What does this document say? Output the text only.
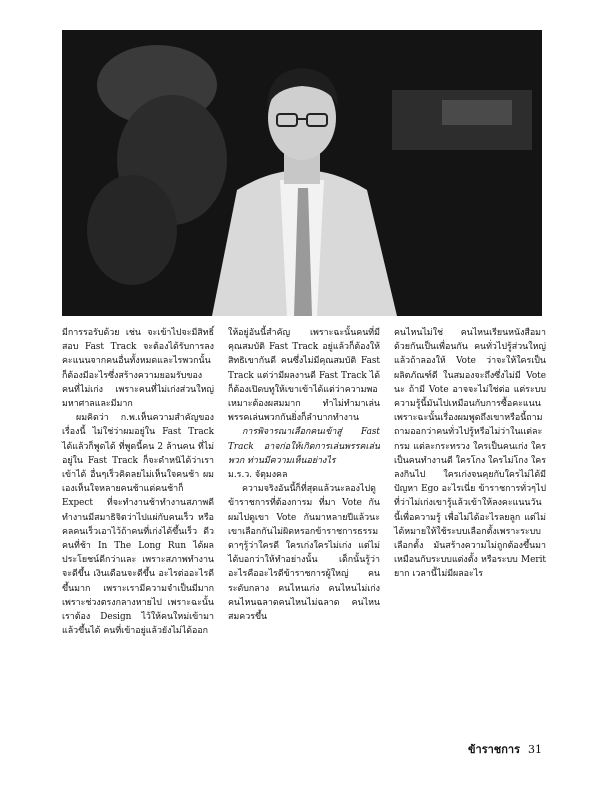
มีการรอรับด้วย เช่น จะเข้าไปจะมีสิทธิ์สอบ Fast Track จะต้องได้รับการลงคะแนนจากคนอื่นทั้งหมดและไรพวกนั้น ก็ต้องมีอะไรซึ่งสร้างความยอมรับของคนที่ไม่เก่ง เพราะคนที่ไม่เก่งส่วนใหญ่มหาศาลและมีมาก

ผมคิดว่า ก.พ.เห็นความสำคัญของเรื่องนี้ ไม่ใช่ว่าผมอยู่ใน Fast Track ได้แล้วก็พูดได้ ที่พูดนี้คน 2 ล้านคน ที่ไม่อยู่ใน Fast Track ก็จะดำหนิได้ว่าเราเข้าได้ อื่นๆเร็วคิดลยไม่เห็นใจคนช้า ผมเองเห็นใจหลายคนช้าแต่คนช้าก็ Expect ที่จะทำงานช้าทำงานสภาพดี ทำงานมีสมาธิจิตว่าไปแผ่กับคนเร็ว หรือคลคนเร็วเอาไว้ถ้าคนที่เก่งได้ขึ้นเร็ว ดีวคนที่ช้า In The Long Run ได้ผลประโยชน์ดีกว่าและ เพราะสภาพทำงานจะดีขึ้น เงินเดือนจะดีขึ้น อะไรต่ออะไรดีขึ้นมาก เพราะเรามีความจำเป็นมีมากเพราะช่วงตรงกลางหายไป เพราะฉะนั้นเราต้อง Design ไว้ให้คนใหม่เข้ามาแล้วขึ้นได้ คนที่เข้าอยู่แล้วยังไม่ได้ออก

ให้อยู่อันนี้สำคัญ เพราะฉะนั้นคนที่มีคุณสมบัติ Fast Track อยู่แล้วก็ต้องให้สิทธิเขากันดี คนซึ่งไม่มีคุณสมบัติ Fast Track แต่ว่ามีผลงานดี Fast Track ได้ ก็ต้องเปิดบทูให้เขาเข้าได้แต่ว่าความพอเหมาะต้องผสมมาก ทำไม่ทำมาเล่นพรรคเล่นพวกกันยิ่งก็ลำบากทำงาน

การพิจารณาเลือกคนเข้าสู่ Fast Track อาจก่อให้เกิดการเล่นพรรคเล่นพวก ท่านมีความเห็นอย่างไร

ม.ร.ว. จัตุมงคล

ความจริงอันนี้ก็ที่สุดแล้วนะลองไปดูข้าราชการที่ต้องการม ที่มา Vote กัน ผมไปดูเขา Vote กันมาหลายปีแล้วนะเขาเลือกกันไม่ผิดหรอกข้าราชการธรรมดาๆรู้ว่าใครดี ใครเก่งใครไม่เก่ง แต่ไม่ได้บอกว่าให้ทำอย่างนั้น เด็กนั้นรู้ว่าอะไรคืออะไรดีข้าราชการผู้ใหญ่ คนระดับกลาง คนไหนเก่ง คนไหนไม่เก่ง คนไหนฉลาดคนไหนไม่ฉลาด คนไหนสมควรขึ้น

คนไหนไม่ใช่ คนไหนเรียนหนังสือมาด้วยกันเป็นเพื่อนกัน คนทั่วไปรู้ส่วนใหญ่ แล้วถ้าลองให้ Vote ว่าจะให้ใครเป็นผลิตภัณฑ์ดี ในสมองจะถึงซึ่งไม่มี Vote นะ ถ้ามี Vote อาจจะไม่ใช่ต่อ แต่ระบบความรู้นี้มันไปเหมือนกับการซื้อคะแนน เพราะฉะนั้นเรื่องผมพูดถึงเขาหรือนี้ถามถามออกว่าคนทั่วไปรู้หรือไม่ว่าในแต่ละกรม แต่ละกระทรวง ใครเป็นคนเก่ง ใครเป็นคนทำงานดี ใครโกง ใครไม่โกง ใครลงกินไป ใครเก่งจนคุยกับใครไม่ได้มีปัญหา Ego อะไรเนี่ย ข้าราชการทั่วๆไป ที่ว่าไม่เก่งเขารู้แล้วเข้าให้ลงคะแนนวันนี้เพื่อความรู้ เพื่อไม่ได้อะไรลยลูก แต่ไม่ได้หมายให้ใช้ระบบเลือกตั้งเพราะระบบเลือกตั้ง มันสร้างความไม่ถูกต้องขึ้นมาเหมือนกับระบบแต่งตั้ง หรือระบบ Merit ยาก เวลานี้ไม่มีผลอะไร

ข้าราชการ 31
